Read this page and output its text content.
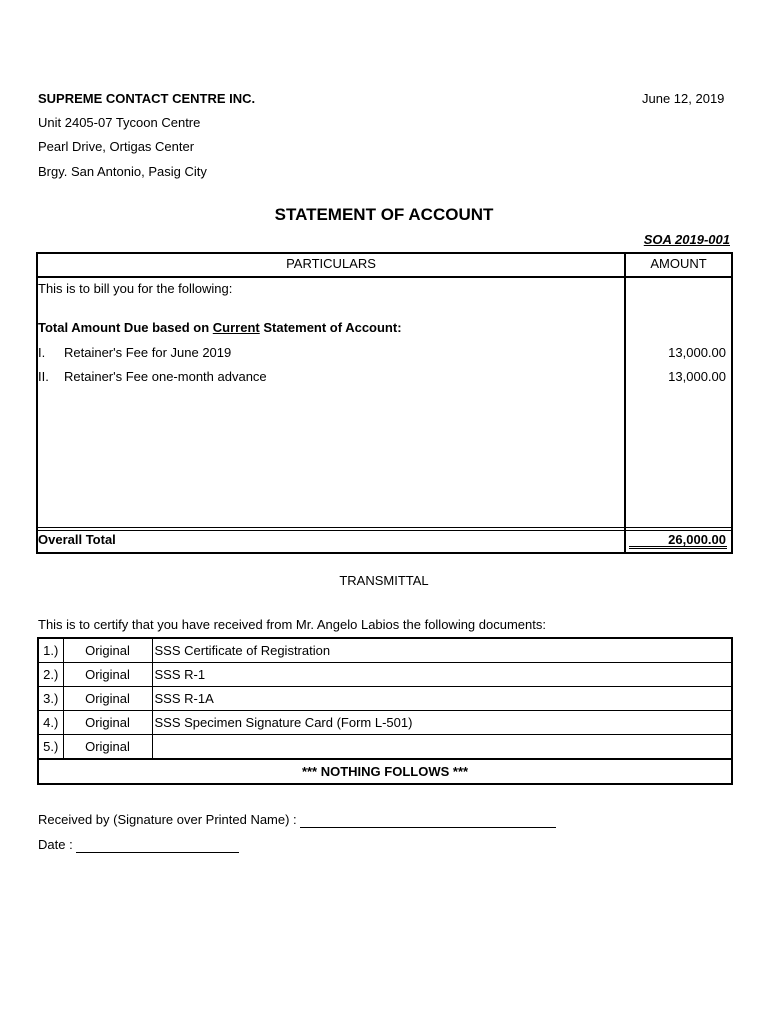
SUPREME CONTACT CENTRE INC.	June 12, 2019
Unit 2405-07 Tycoon Centre
Pearl Drive, Ortigas Center
Brgy. San Antonio, Pasig City
STATEMENT OF ACCOUNT
SOA 2019-001
PARTICULARS	AMOUNT
This is to bill you for the following:
Total Amount Due based on Current Statement of Account:
I. Retainer's Fee for June 2019	13,000.00
II. Retainer's Fee one-month advance	13,000.00
Overall Total	26,000.00
TRANSMITTAL
This is to certify that you have received from Mr. Angelo Labios the following documents:
1.)	Original	SSS Certificate of Registration
2.)	Original	SSS R-1
3.)	Original	SSS R-1A
4.)	Original	SSS Specimen Signature Card (Form L-501)
5.)	Original	
*** NOTHING FOLLOWS ***		
Received by (Signature over Printed Name) :
Date :
